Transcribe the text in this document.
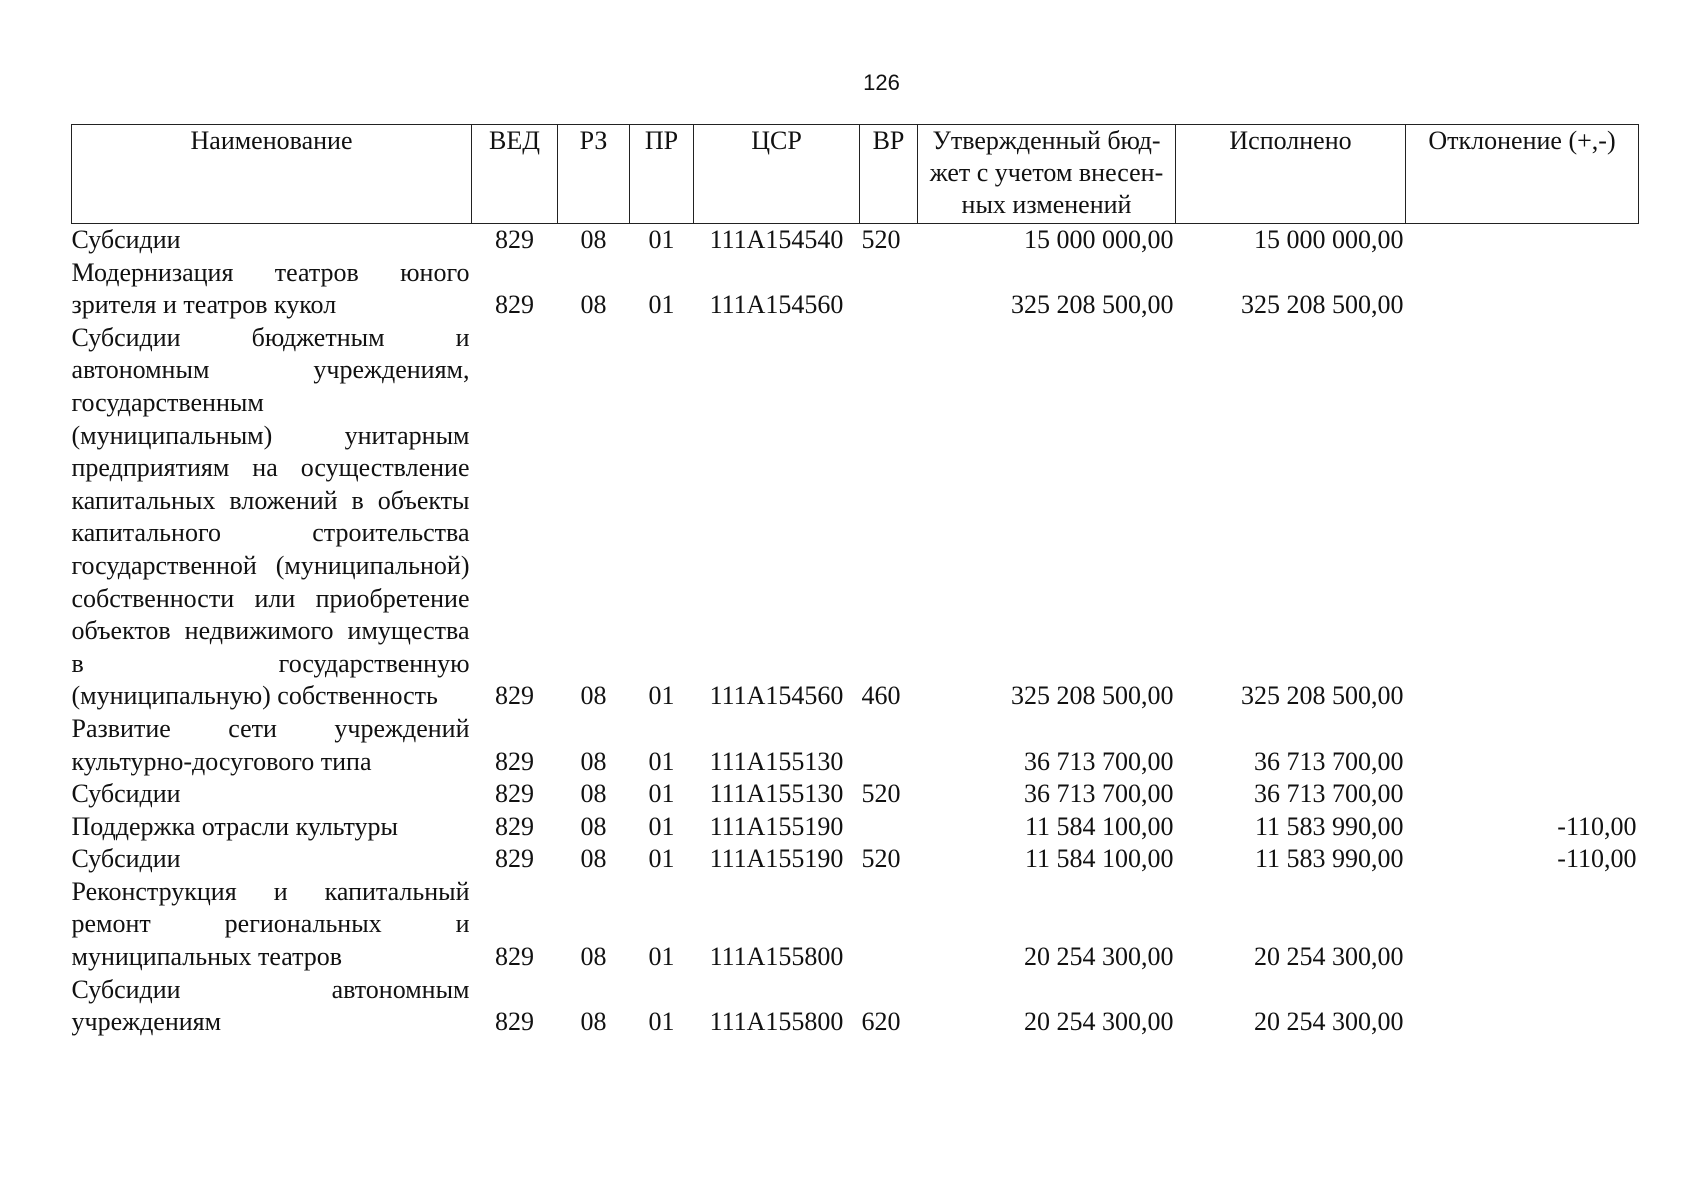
126
Наименование	ВЕД	РЗ	ПР	ЦСР	ВР	Утвержденный бюд-
жет с учетом внесен-
ных изменений	Исполнено	Отклонение (+,-)
Субсидии	829	08	01	111А154540	520	15 000 000,00	15 000 000,00	
Модернизация театров юного зрителя и театров кукол	829	08	01	111А154560		325 208 500,00	325 208 500,00	
Субсидии бюджетным и автономным учреждениям, государственным (муниципальным) унитарным предприятиям на осуществление капитальных вложений в объекты капитального строительства государственной (муниципальной) собственности или приобретение объектов недвижимого имущества в государственную (муниципальную) собственность	829	08	01	111А154560	460	325 208 500,00	325 208 500,00	
Развитие сети учреждений культурно-досугового типа	829	08	01	111А155130		36 713 700,00	36 713 700,00	
Субсидии	829	08	01	111А155130	520	36 713 700,00	36 713 700,00	
Поддержка отрасли культуры	829	08	01	111А155190		11 584 100,00	11 583 990,00	-110,00
Субсидии	829	08	01	111А155190	520	11 584 100,00	11 583 990,00	-110,00
Реконструкция и капитальный ремонт региональных и муниципальных театров	829	08	01	111А155800		20 254 300,00	20 254 300,00	
Субсидии автономным учреждениям	829	08	01	111А155800	620	20 254 300,00	20 254 300,00	
